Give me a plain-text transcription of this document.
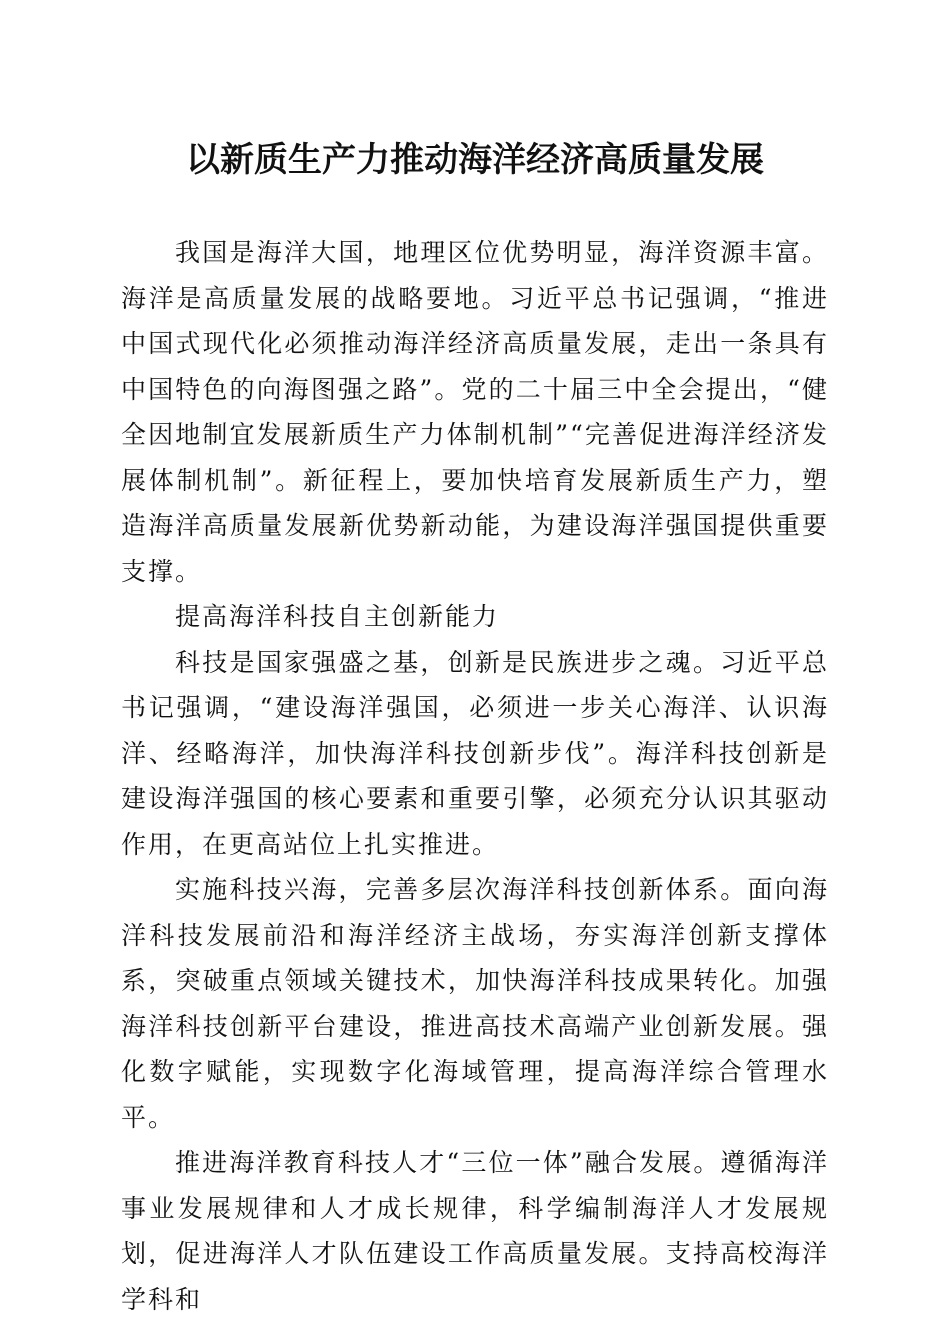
以新质生产力推动海洋经济高质量发展

我国是海洋大国，地理区位优势明显，海洋资源丰富。海洋是高质量发展的战略要地。习近平总书记强调，“推进中国式现代化必须推动海洋经济高质量发展，走出一条具有中国特色的向海图强之路”。党的二十届三中全会提出，“健全因地制宜发展新质生产力体制机制”“完善促进海洋经济发展体制机制”。新征程上，要加快培育发展新质生产力，塑造海洋高质量发展新优势新动能，为建设海洋强国提供重要支撑。

提高海洋科技自主创新能力

科技是国家强盛之基，创新是民族进步之魂。习近平总书记强调，“建设海洋强国，必须进一步关心海洋、认识海洋、经略海洋，加快海洋科技创新步伐”。海洋科技创新是建设海洋强国的核心要素和重要引擎，必须充分认识其驱动作用，在更高站位上扎实推进。

实施科技兴海，完善多层次海洋科技创新体系。面向海洋科技发展前沿和海洋经济主战场，夯实海洋创新支撑体系，突破重点领域关键技术，加快海洋科技成果转化。加强海洋科技创新平台建设，推进高技术高端产业创新发展。强化数字赋能，实现数字化海域管理，提高海洋综合管理水平。

推进海洋教育科技人才“三位一体”融合发展。遵循海洋事业发展规律和人才成长规律，科学编制海洋人才发展规划，促进海洋人才队伍建设工作高质量发展。支持高校海洋学科和
